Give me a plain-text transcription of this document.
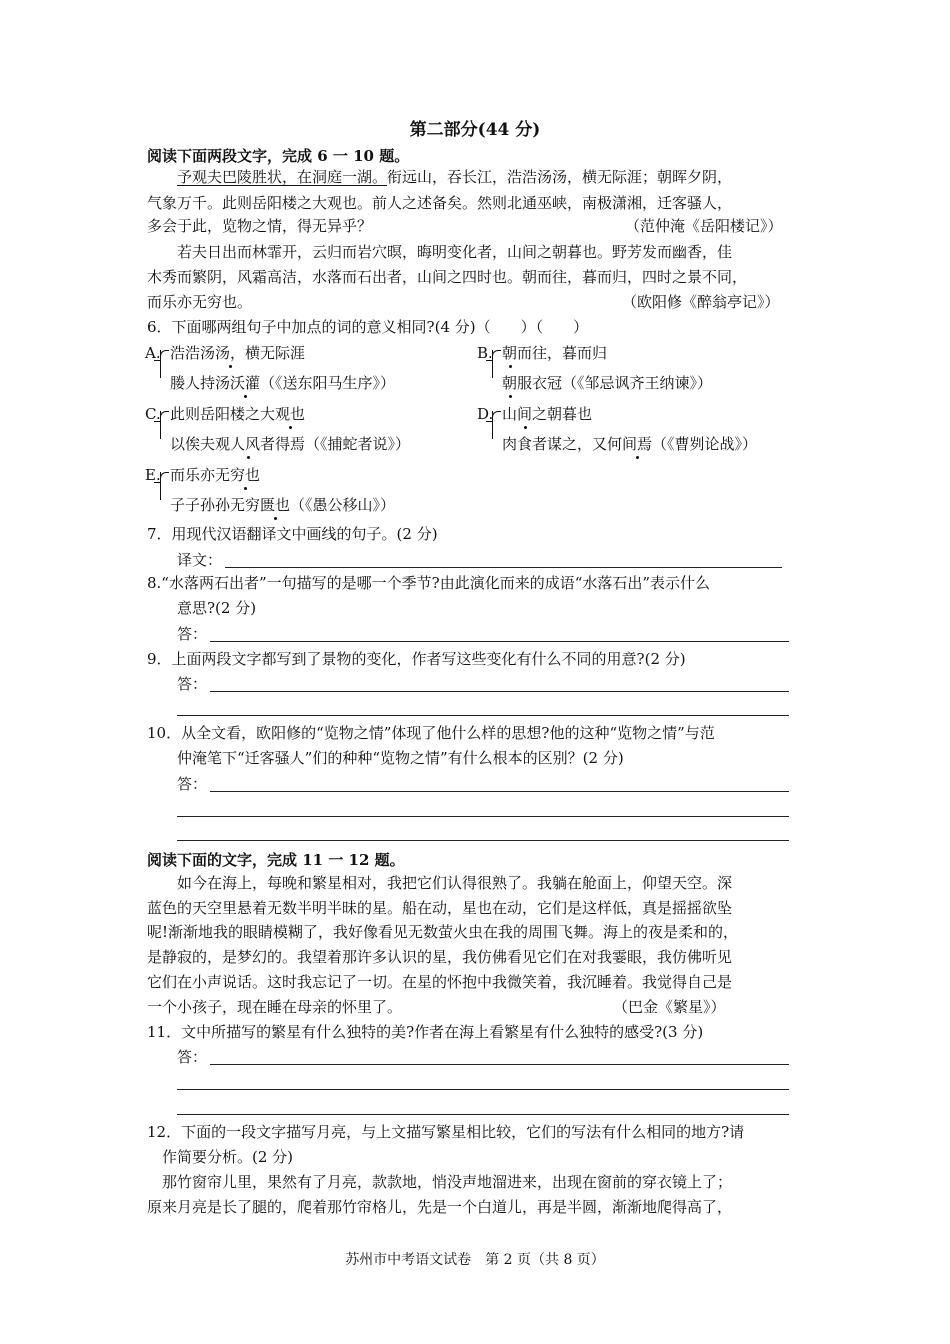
第二部分(44 分)
阅读下面两段文字，完成 6 一 10 题。
予观夫巴陵胜状，在洞庭一湖。衔远山，吞长江，浩浩汤汤，横无际涯；朝晖夕阴，
气象万千。此则岳阳楼之大观也。前人之述备矣。然则北通巫峡，南极潇湘，迁客骚人，
多会于此，览物之情，得无异乎？	（范仲淹《岳阳楼记》）
若夫日出而林霏开，云归而岩穴暝，晦明变化者，山间之朝暮也。野芳发而幽香，佳
木秀而繁阴，风霜高洁，水落而石出者，山间之四时也。朝而往，暮而归，四时之景不同，
而乐亦无穷也。	（欧阳修《醉翁亭记》）
6．下面哪两组句子中加点的词的意义相同?(4 分)（　　）（　　）
A. 浩浩汤汤，横无际涯
媵人持汤沃灌（《送东阳马生序》）
B. 朝而往，暮而归
朝服衣冠（《邹忌讽齐王纳谏》）
C. 此则岳阳楼之大观也
以俟夫观人风者得焉（《捕蛇者说》）
D. 山间之朝暮也
肉食者谋之，又何间焉（《曹刿论战》）
E. 而乐亦无穷也
子子孙孙无穷匮也（《愚公移山》）
7．用现代汉语翻译文中画线的句子。(2 分)
译文：
8.“水落两石出者”一句描写的是哪一个季节?由此演化而来的成语“水落石出”表示什么
意思?(2 分)
答：
9．上面两段文字都写到了景物的变化，作者写这些变化有什么不同的用意?(2 分)
答：
10．从全文看，欧阳修的“览物之情”体现了他什么样的思想?他的这种“览物之情”与范
仲淹笔下“迁客骚人”们的种种“览物之情”有什么根本的区别？(2 分)
答：
阅读下面的文字，完成 11 一 12 题。
如今在海上，每晚和繁星相对，我把它们认得很熟了。我躺在舱面上，仰望天空。深
蓝色的天空里悬着无数半明半昧的星。船在动，星也在动，它们是这样低，真是摇摇欲坠
呢!渐渐地我的眼睛模糊了，我好像看见无数萤火虫在我的周围飞舞。海上的夜是柔和的，
是静寂的，是梦幻的。我望着那许多认识的星，我仿佛看见它们在对我霎眼，我仿佛听见
它们在小声说话。这时我忘记了一切。在星的怀抱中我微笑着，我沉睡着。我觉得自己是
一个小孩子，现在睡在母亲的怀里了。	（巴金《繁星》）
11．文中所描写的繁星有什么独特的美?作者在海上看繁星有什么独特的感受?(3 分)
答：
12．下面的一段文字描写月亮，与上文描写繁星相比较，它们的写法有什么相同的地方?请
作简要分析。(2 分)
那竹窗帘儿里，果然有了月亮，款款地，悄没声地溜进来，出现在窗前的穿衣镜上了；
原来月亮是长了腿的，爬着那竹帘格儿，先是一个白道儿，再是半圆，渐渐地爬得高了，
苏州市中考语文试卷　第 2 页（共 8 页）
